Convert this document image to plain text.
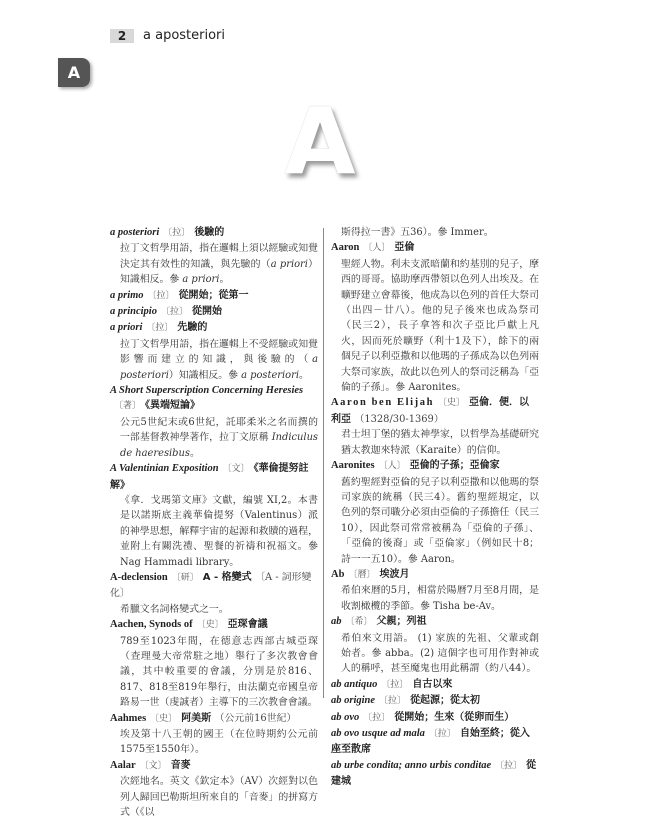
2	a aposteriori
A
A
a posteriori 〔拉〕 後驗的
拉丁文哲學用語，指在邏輯上須以經驗或知覺決定其有效性的知識，與先驗的（a priori）知識相反。參 a priori。
a primo 〔拉〕 從開始；從第一
a principio 〔拉〕 從開始
a priori 〔拉〕 先驗的
拉丁文哲學用語，指在邏輯上不受經驗或知覺影響而建立的知識，與後驗的（a posteriori）知識相反。參 a posteriori。
A Short Superscription Concerning Heresies〔著〕 《異端短論》
公元5世紀末或6世紀，託耶柔米之名而撰的一部基督教神學著作，拉丁文原稱 Indiculus de haeresibus。
A Valentinian Exposition 〔文〕 《華倫提努註解》
《拿．戈瑪第文庫》文獻，編號 XI,2。本書是以諾斯底主義華倫提努（Valentinus）派的神學思想，解釋宇宙的起源和救贖的過程，並附上有關洗禮、聖餐的祈禱和祝福文。參 Nag Hammadi library。
A-declension 〔研〕 A - 格變式 〔A - 詞形變化〕
希臘文名詞格變式之一。
Aachen, Synods of 〔史〕 亞琛會議
789至1023年間，在德意志西部古城亞琛（查理曼大帝常駐之地）舉行了多次教會會議，其中較重要的會議，分別是於816、817、818至819年舉行，由法蘭克帝國皇帝路易一世（虔誠者）主導下的三次教會會議。
Aahmes 〔史〕 阿美斯 （公元前16世紀）
埃及第十八王朝的國王（在位時期約公元前1575至1550年）。
Aalar 〔文〕 音麥
次經地名。英文《欽定本》（AV）次經對以色列人歸回巴勒斯坦所來自的「音麥」的拼寫方式（《以
斯得拉一書》五36）。參 Immer。
Aaron 〔人〕 亞倫
聖經人物。利未支派暗蘭和約基別的兒子，摩西的哥哥。協助摩西帶領以色列人出埃及。在曠野建立會幕後，他成為以色列的首任大祭司（出四－廿八）。他的兒子後來也成為祭司（民三2），長子拿答和次子亞比戶獻上凡火，因而死於曠野（利十1及下），餘下的兩個兒子以利亞撒和以他瑪的子孫成為以色列兩大祭司家族，故此以色列人的祭司泛稱為「亞倫的子孫」。參 Aaronites。
Aaron ben Elijah 〔史〕 亞倫．便．以利亞 （1328/30-1369）
君士坦丁堡的猶太神學家，以哲學為基礎研究猶太教迦來特派（Karaite）的信仰。
Aaronites 〔人〕 亞倫的子孫；亞倫家
舊約聖經對亞倫的兒子以利亞撒和以他瑪的祭司家族的統稱（民三4）。舊約聖經規定，以色列的祭司職分必須由亞倫的子孫擔任（民三10），因此祭司常常被稱為「亞倫的子孫」、「亞倫的後裔」或「亞倫家」（例如民十8；詩一一五10）。參 Aaron。
Ab 〔曆〕 埃波月
希伯來曆的5月，相當於陽曆7月至8月間，是收割橄欖的季節。參 Tisha be-Av。
ab 〔希〕 父親；列祖
希伯來文用語。 (1) 家族的先祖、父輩或創始者。參 abba。(2) 這個字也可用作對神或人的稱呼，甚至魔鬼也用此稱謂（約八44）。
ab antiquo 〔拉〕 自古以來
ab origine 〔拉〕 從起源；從太初
ab ovo 〔拉〕 從開始；生來（從卵而生）
ab ovo usque ad mala 〔拉〕 自始至終；從入座至散席
ab urbe condita; anno urbis conditae 〔拉〕 從建城
